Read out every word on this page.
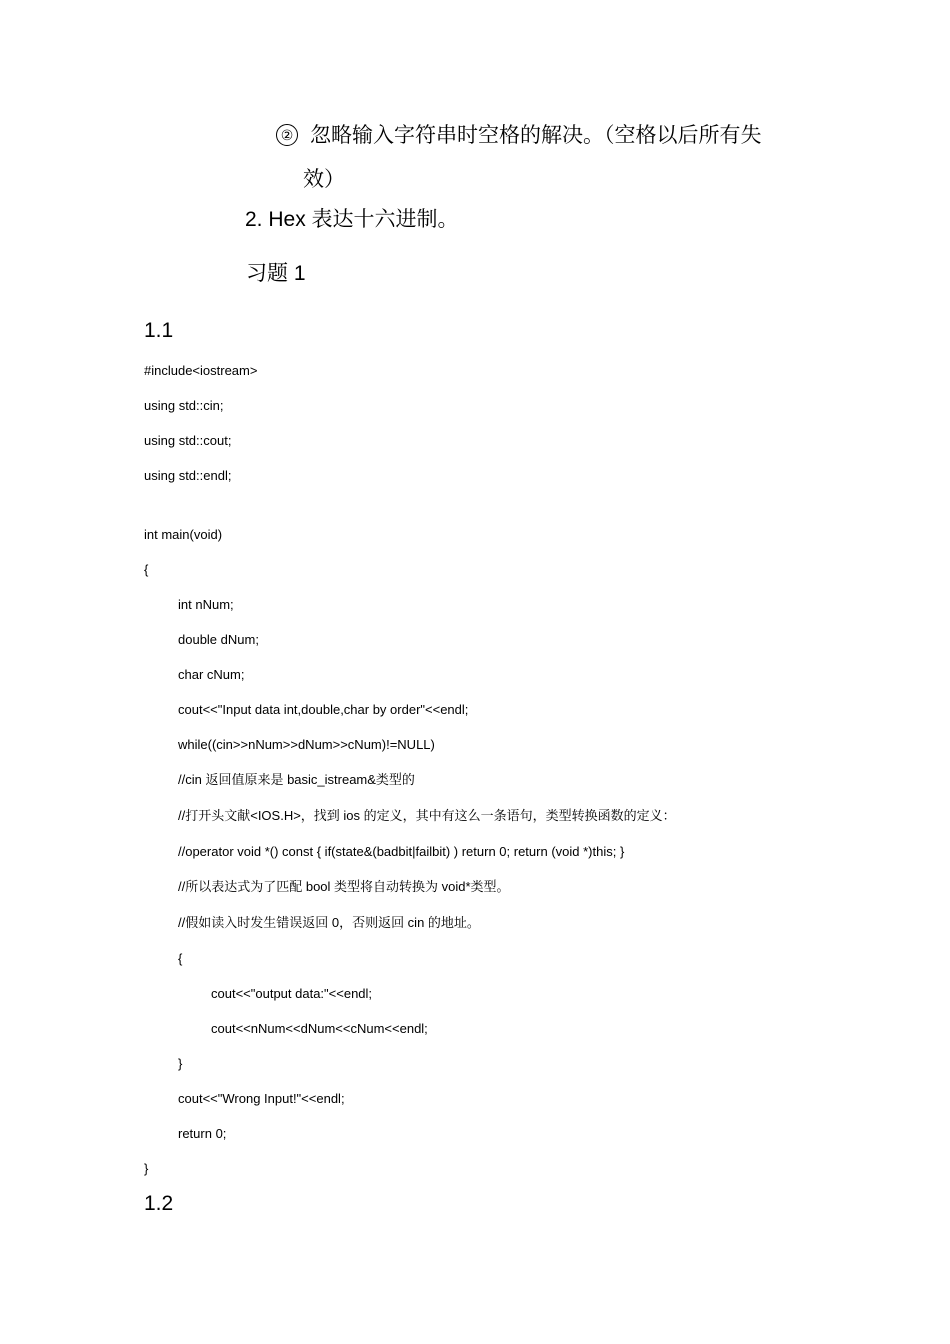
② 忽略输入字符串时空格的解决。（空格以后所有失
效）
2. Hex 表达十六进制。
习题 1
1.1
#include<iostream>
using std::cin;
using std::cout;
using std::endl;
int main(void)
{
int nNum;
double dNum;
char cNum;
cout<<"Input data int,double,char by order"<<endl;
while((cin>>nNum>>dNum>>cNum)!=NULL)
//cin 返回值原来是 basic_istream&类型的
//打开头文献<IOS.H>，找到 ios 的定义，其中有这么一条语句，类型转换函数的定义：
//operator void *() const { if(state&(badbit|failbit) ) return 0; return (void *)this; }
//所以表达式为了匹配 bool 类型将自动转换为 void*类型。
//假如读入时发生错误返回 0，否则返回 cin 的地址。
{
cout<<"output data:"<<endl;
cout<<nNum<<dNum<<cNum<<endl;
}
cout<<"Wrong Input!"<<endl;
return 0;
}
1.2
